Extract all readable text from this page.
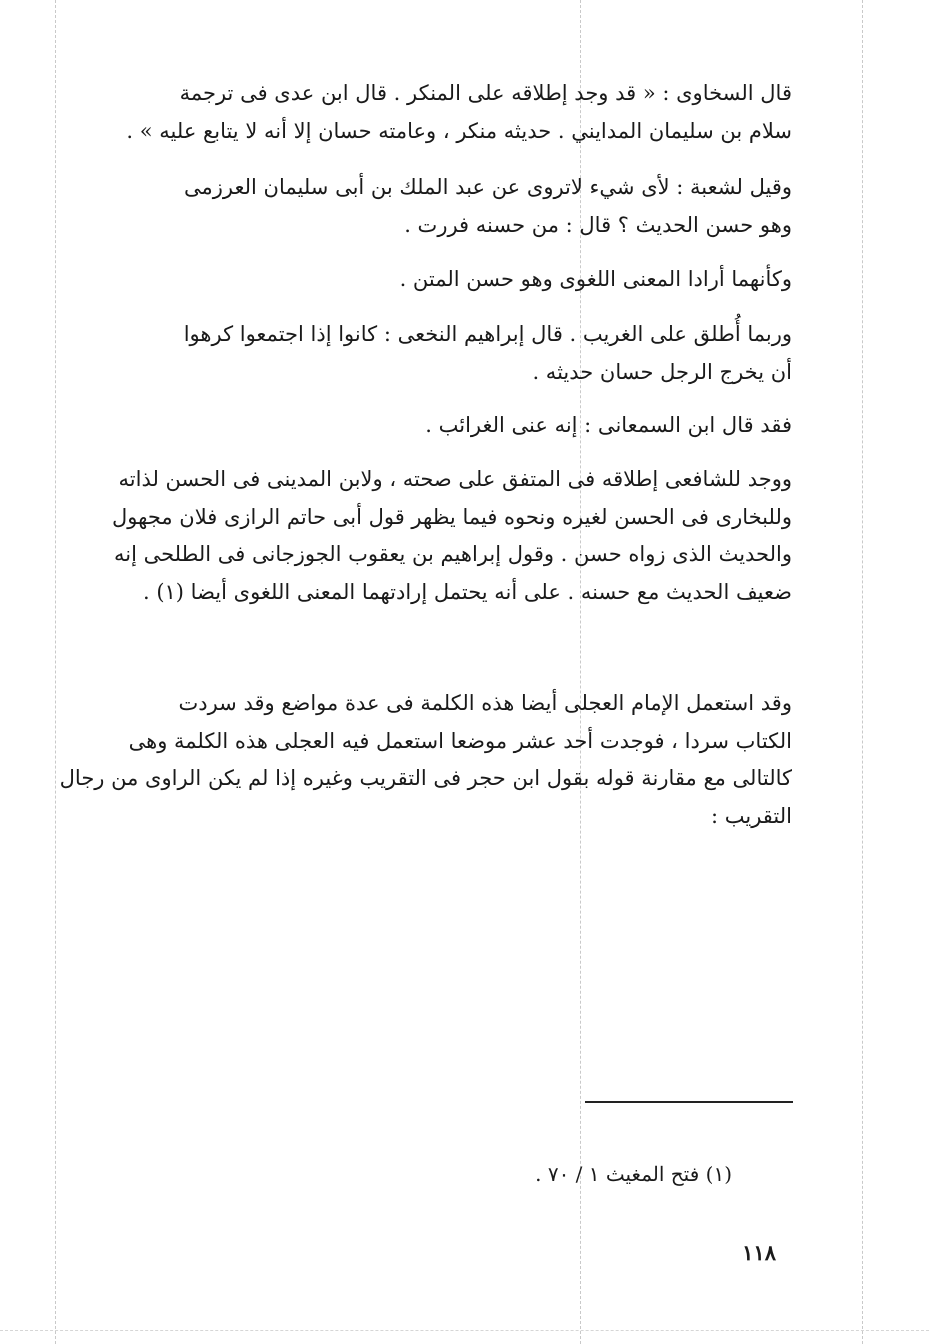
قال السخاوى : « قد وجد إطلاقه على المنكر . قال ابن عدى فى ترجمة
سلام بن سليمان المدايني . حديثه منكر ، وعامته حسان إلا أنه لا يتابع عليه » .
وقيل لشعبة : لأى شيء لاتروى عن عبد الملك بن أبى سليمان العرزمى
وهو حسن الحديث ؟ قال : من حسنه فررت .
وكأنهما أرادا المعنى اللغوى وهو حسن المتن .
وربما أُطلق على الغريب . قال إبراهيم النخعى : كانوا إذا اجتمعوا كرهوا
أن يخرج الرجل حسان حديثه .
فقد قال ابن السمعانى : إنه عنى الغرائب .
ووجد للشافعى إطلاقه فى المتفق على صحته ، ولابن المدينى فى الحسن لذاته
وللبخارى فى الحسن لغيره ونحوه فيما يظهر قول أبى حاتم الرازى فلان مجهول
والحديث الذى زواه حسن . وقول إبراهيم بن يعقوب الجوزجانى فى الطلحى إنه
ضعيف الحديث مع حسنه . على أنه يحتمل إرادتهما المعنى اللغوى أيضا (١) .
وقد استعمل الإمام العجلى أيضا هذه الكلمة فى عدة مواضع وقد سردت
الكتاب سردا ، فوجدت أحد عشر موضعا استعمل فيه العجلى هذه الكلمة وهى
كالتالى مع مقارنة قوله بقول ابن حجر فى التقريب وغيره إذا لم يكن الراوى من رجال
التقريب :
(١) فتح المغيث ١ / ٧٠ .
١١٨
